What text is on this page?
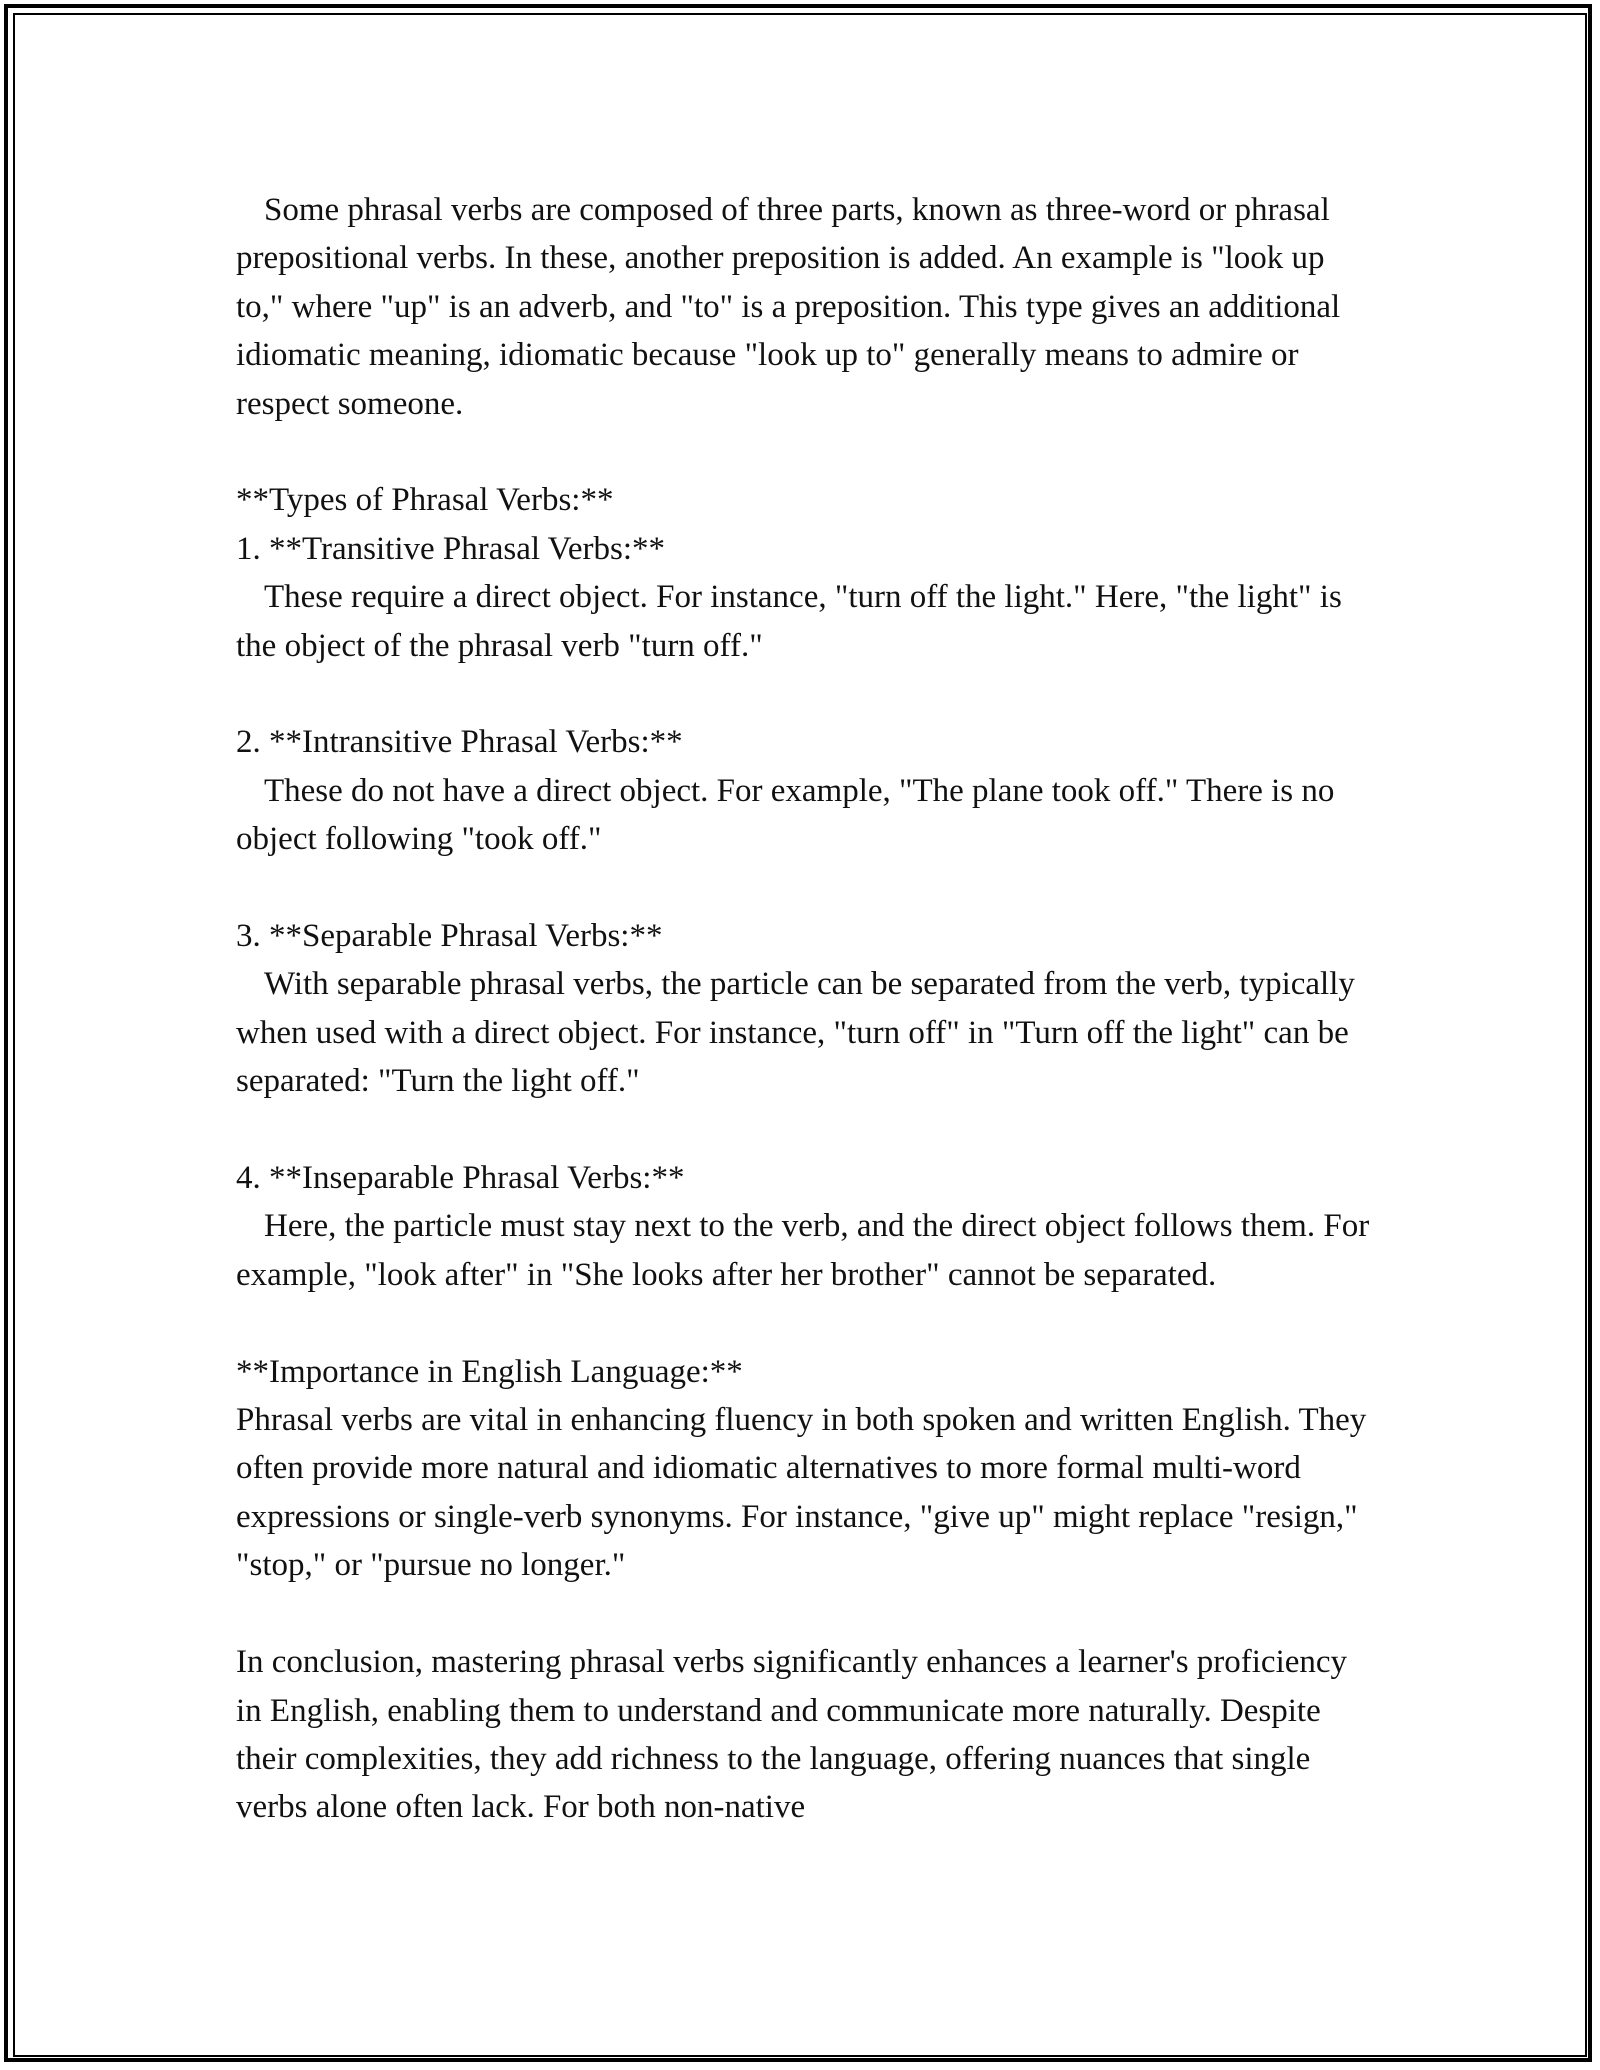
Some phrasal verbs are composed of three parts, known as three-word or phrasal prepositional verbs. In these, another preposition is added. An example is "look up to," where "up" is an adverb, and "to" is a preposition. This type gives an additional idiomatic meaning, idiomatic because "look up to" generally means to admire or respect someone.

**Types of Phrasal Verbs:**

1. **Transitive Phrasal Verbs:**

These require a direct object. For instance, "turn off the light." Here, "the light" is the object of the phrasal verb "turn off."

2. **Intransitive Phrasal Verbs:**

These do not have a direct object. For example, "The plane took off." There is no object following "took off."

3. **Separable Phrasal Verbs:**

With separable phrasal verbs, the particle can be separated from the verb, typically when used with a direct object. For instance, "turn off" in "Turn off the light" can be separated: "Turn the light off."

4. **Inseparable Phrasal Verbs:**

Here, the particle must stay next to the verb, and the direct object follows them. For example, "look after" in "She looks after her brother" cannot be separated.

**Importance in English Language:**

Phrasal verbs are vital in enhancing fluency in both spoken and written English. They often provide more natural and idiomatic alternatives to more formal multi-word expressions or single-verb synonyms. For instance, "give up" might replace "resign," "stop," or "pursue no longer."

In conclusion, mastering phrasal verbs significantly enhances a learner's proficiency in English, enabling them to understand and communicate more naturally. Despite their complexities, they add richness to the language, offering nuances that single verbs alone often lack. For both non-native
